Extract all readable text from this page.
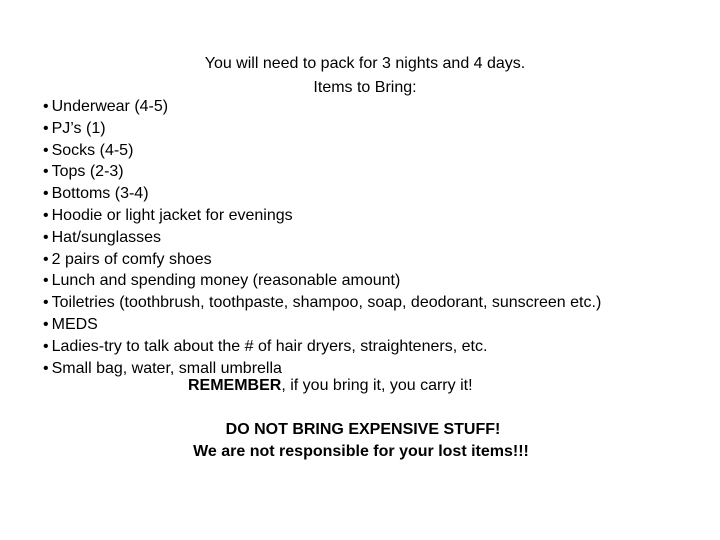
You will need to pack for 3 nights and 4 days.

Items to Bring:

• Underwear (4-5)
• PJ’s (1)
• Socks (4-5)
• Tops (2-3)
• Bottoms (3-4)
• Hoodie or light jacket for evenings
• Hat/sunglasses
• 2 pairs of comfy shoes
• Lunch and spending money (reasonable amount)
• Toiletries (toothbrush, toothpaste, shampoo, soap, deodorant, sunscreen etc.)
• MEDS
• Ladies-try to talk about the # of hair dryers, straighteners, etc.
• Small bag, water, small umbrella
REMEMBER, if you bring it, you carry it!
DO NOT BRING EXPENSIVE STUFF!
We are not responsible for your lost items!!!
